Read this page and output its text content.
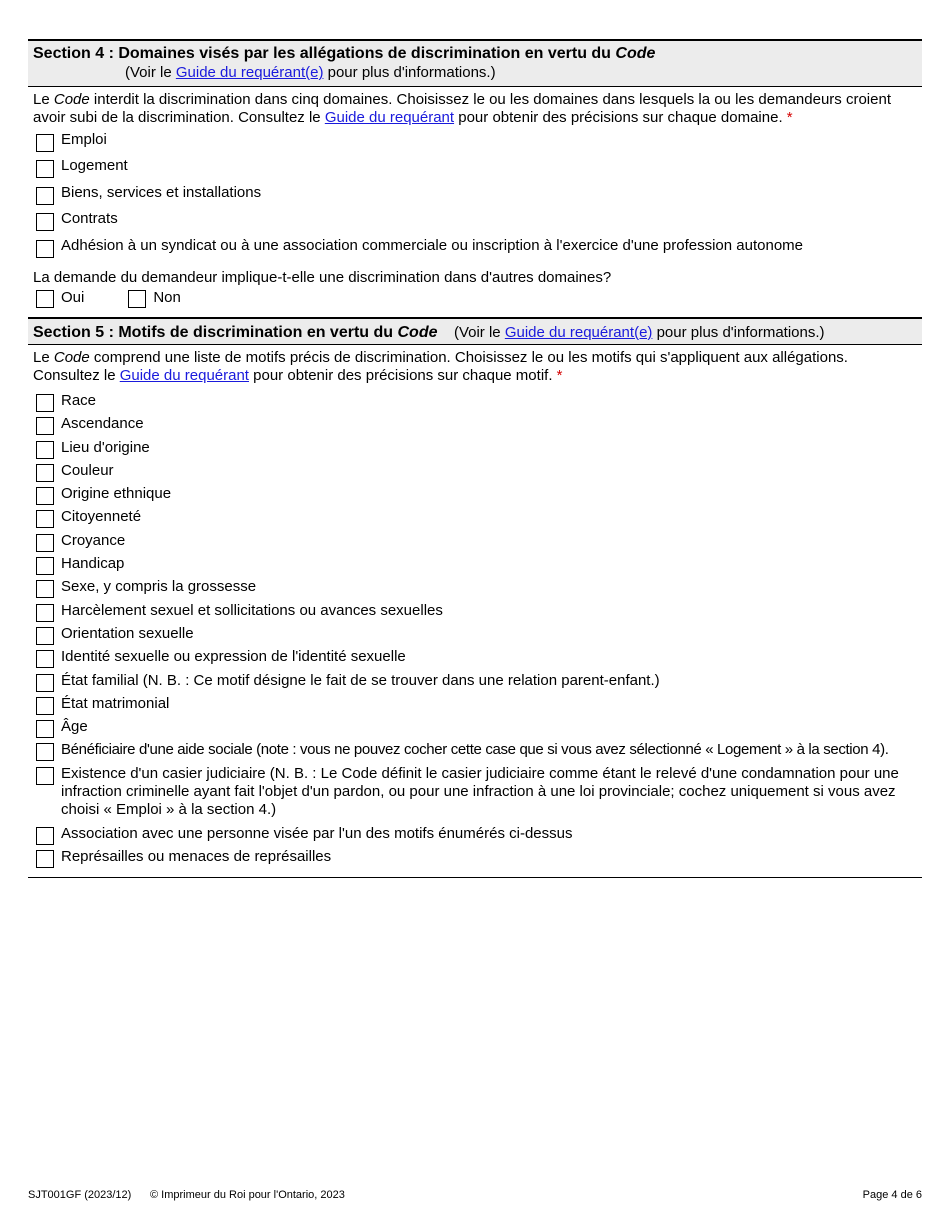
Section 4 : Domaines visés par les allégations de discrimination en vertu du Code
(Voir le Guide du requérant(e) pour plus d'informations.)
Le Code interdit la discrimination dans cinq domaines. Choisissez le ou les domaines dans lesquels la ou les demandeurs croient avoir subi de la discrimination. Consultez le Guide du requérant pour obtenir des précisions sur chaque domaine. *
Emploi
Logement
Biens, services et installations
Contrats
Adhésion à un syndicat ou à une association commerciale ou inscription à l'exercice d'une profession autonome
La demande du demandeur implique-t-elle une discrimination dans d'autres domaines?
Oui	Non
Section 5 : Motifs de discrimination en vertu du Code (Voir le Guide du requérant(e) pour plus d'informations.)
Le Code comprend une liste de motifs précis de discrimination. Choisissez le ou les motifs qui s'appliquent aux allégations. Consultez le Guide du requérant pour obtenir des précisions sur chaque motif. *
Race
Ascendance
Lieu d'origine
Couleur
Origine ethnique
Citoyenneté
Croyance
Handicap
Sexe, y compris la grossesse
Harcèlement sexuel et sollicitations ou avances sexuelles
Orientation sexuelle
Identité sexuelle ou expression de l'identité sexuelle
État familial (N. B. : Ce motif désigne le fait de se trouver dans une relation parent-enfant.)
État matrimonial
Âge
Bénéficiaire d'une aide sociale (note : vous ne pouvez cocher cette case que si vous avez sélectionné « Logement » à la section 4).
Existence d'un casier judiciaire (N. B. : Le Code définit le casier judiciaire comme étant le relevé d'une condamnation pour une infraction criminelle ayant fait l'objet d'un pardon, ou pour une infraction à une loi provinciale; cochez uniquement si vous avez choisi « Emploi » à la section 4.)
Association avec une personne visée par l'un des motifs énumérés ci-dessus
Représailles ou menaces de représailles
SJT001GF (2023/12)	© Imprimeur du Roi pour l'Ontario, 2023	Page 4 de 6
